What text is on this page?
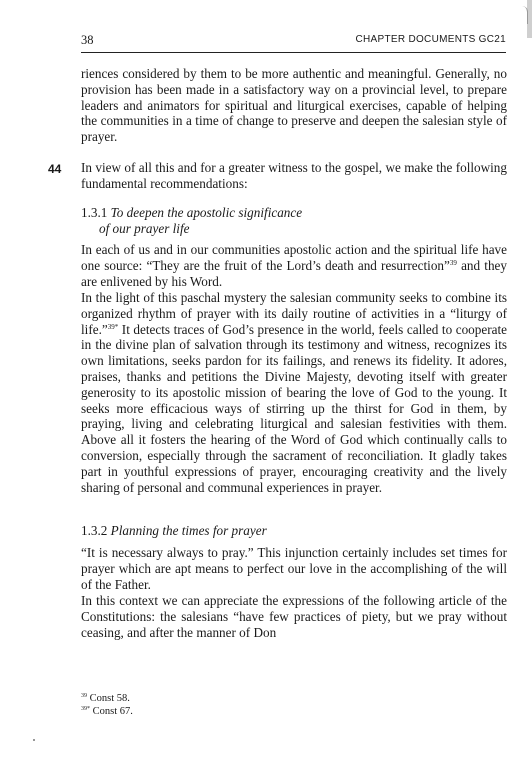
38	CHAPTER DOCUMENTS GC21

riences considered by them to be more authentic and meaningful. Generally, no provision has been made in a satisfactory way on a provincial level, to prepare leaders and animators for spiritual and liturgical exercises, capable of helping the communities in a time of change to preserve and deepen the salesian style of prayer.

44 In view of all this and for a greater witness to the gospel, we make the following fundamental recommendations:

1.3.1 To deepen the apostolic significance
of our prayer life

In each of us and in our communities apostolic action and the spiritual life have one source: “They are the fruit of the Lord’s death and resurrection”$^{39}$ and they are enlivened by his Word.

In the light of this paschal mystery the salesian community seeks to combine its organized rhythm of prayer with its daily routine of activities in a “liturgy of life.”$^{39*}$ It detects traces of God’s presence in the world, feels called to cooperate in the divine plan of salvation through its testimony and witness, recognizes its own limitations, seeks pardon for its failings, and renews its fidelity. It adores, praises, thanks and petitions the Divine Majesty, devoting itself with greater generosity to its apostolic mission of bearing the love of God to the young. It seeks more efficacious ways of stirring up the thirst for God in them, by praying, living and celebrating liturgical and salesian festivities with them. Above all it fosters the hearing of the Word of God which continually calls to conversion, especially through the sacrament of reconciliation. It gladly takes part in youthful expressions of prayer, encouraging creativity and the lively sharing of personal and communal experiences in prayer.

1.3.2 Planning the times for prayer

“It is necessary always to pray.” This injunction certainly includes set times for prayer which are apt means to perfect our love in the accomplishing of the will of the Father.

In this context we can appreciate the expressions of the following article of the Constitutions: the salesians “have few practices of piety, but we pray without ceasing, and after the manner of Don

$^{39}$ Const 58.
$^{39*}$ Const 67.
